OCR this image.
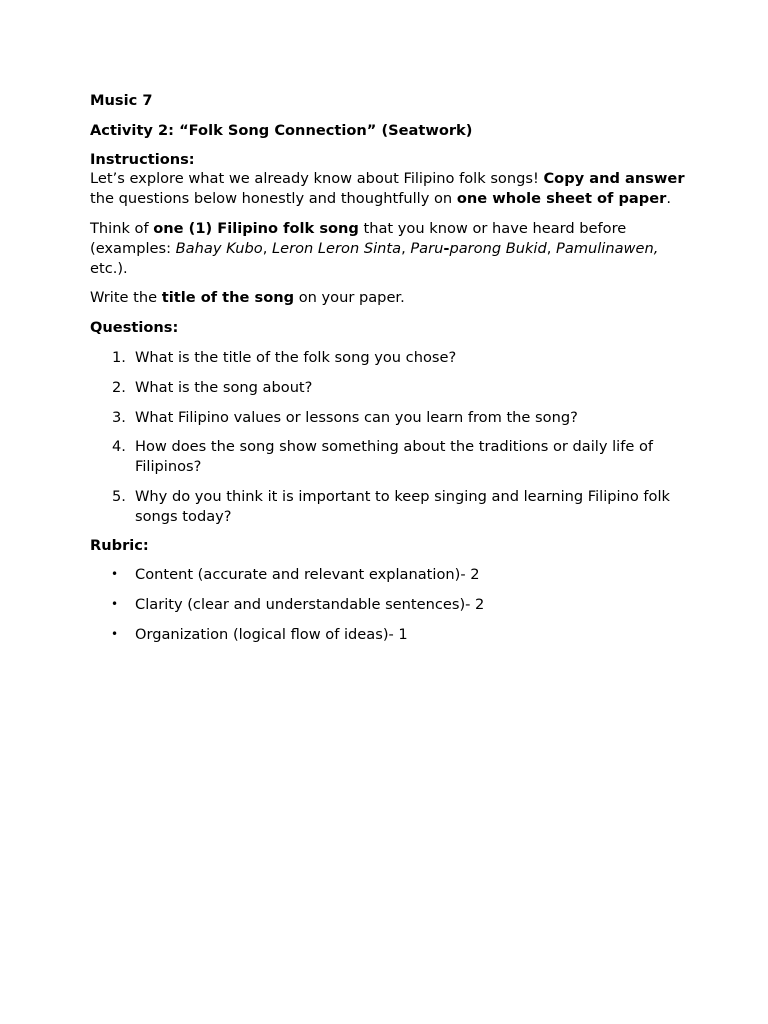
Music 7

Activity 2: “Folk Song Connection” (Seatwork)

Instructions:

Let’s explore what we already know about Filipino folk songs! Copy and answer the questions below honestly and thoughtfully on one whole sheet of paper.

Think of one (1) Filipino folk song that you know or have heard before (examples: Bahay Kubo, Leron Leron Sinta, Paru-parong Bukid, Pamulinawen, etc.).

Write the title of the song on your paper.

Questions:

1. What is the title of the folk song you chose?
2. What is the song about?
3. What Filipino values or lessons can you learn from the song?
4. How does the song show something about the traditions or daily life of Filipinos?
5. Why do you think it is important to keep singing and learning Filipino folk songs today?

Rubric:

• Content (accurate and relevant explanation)- 2
• Clarity (clear and understandable sentences)- 2
• Organization (logical flow of ideas)- 1
